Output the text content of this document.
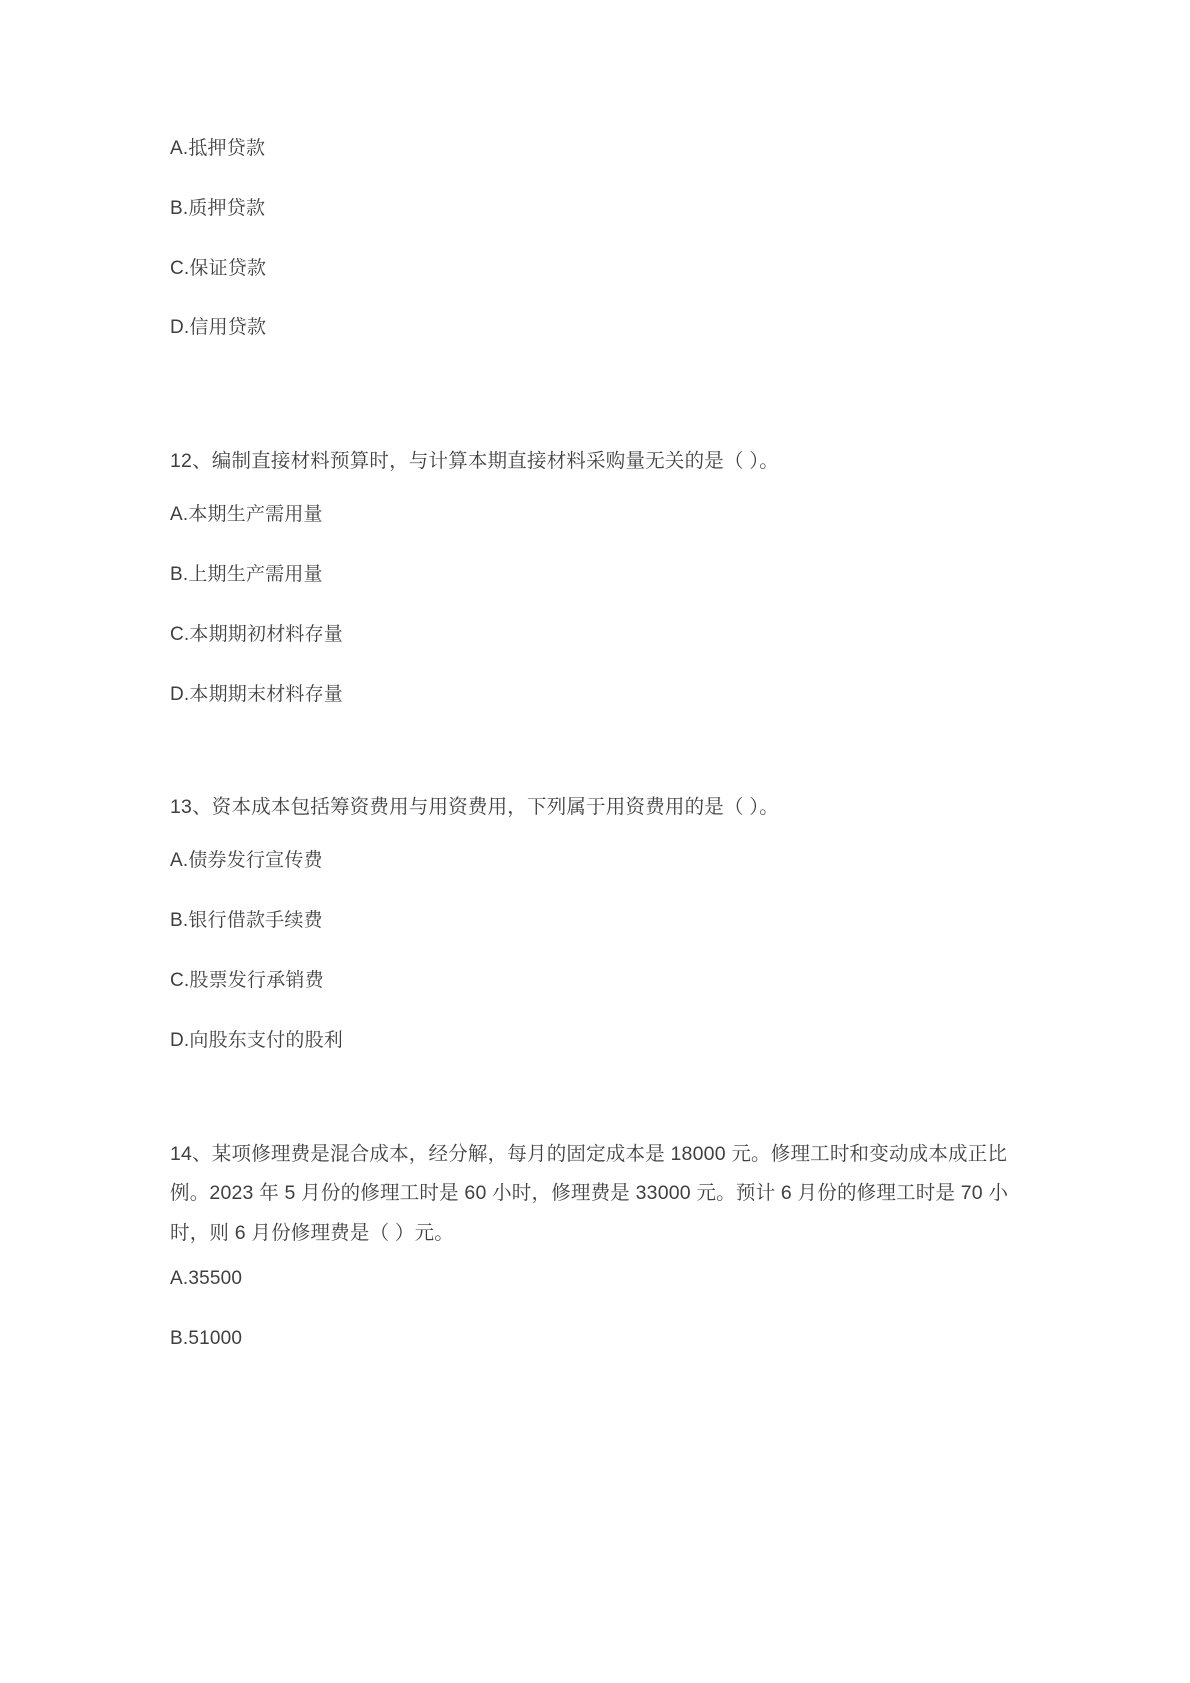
A.抵押贷款

B.质押贷款

C.保证贷款

D.信用贷款

12、编制直接材料预算时，与计算本期直接材料采购量无关的是（ ）。

A.本期生产需用量

B.上期生产需用量

C.本期期初材料存量

D.本期期末材料存量

13、资本成本包括筹资费用与用资费用，下列属于用资费用的是（ ）。

A.债券发行宣传费

B.银行借款手续费

C.股票发行承销费

D.向股东支付的股利

14、某项修理费是混合成本，经分解，每月的固定成本是 18000 元。修理工时和变动成本成正比例。2023 年 5 月份的修理工时是 60 小时，修理费是 33000 元。预计 6 月份的修理工时是 70 小时，则 6 月份修理费是（ ）元。

A.35500

B.51000
